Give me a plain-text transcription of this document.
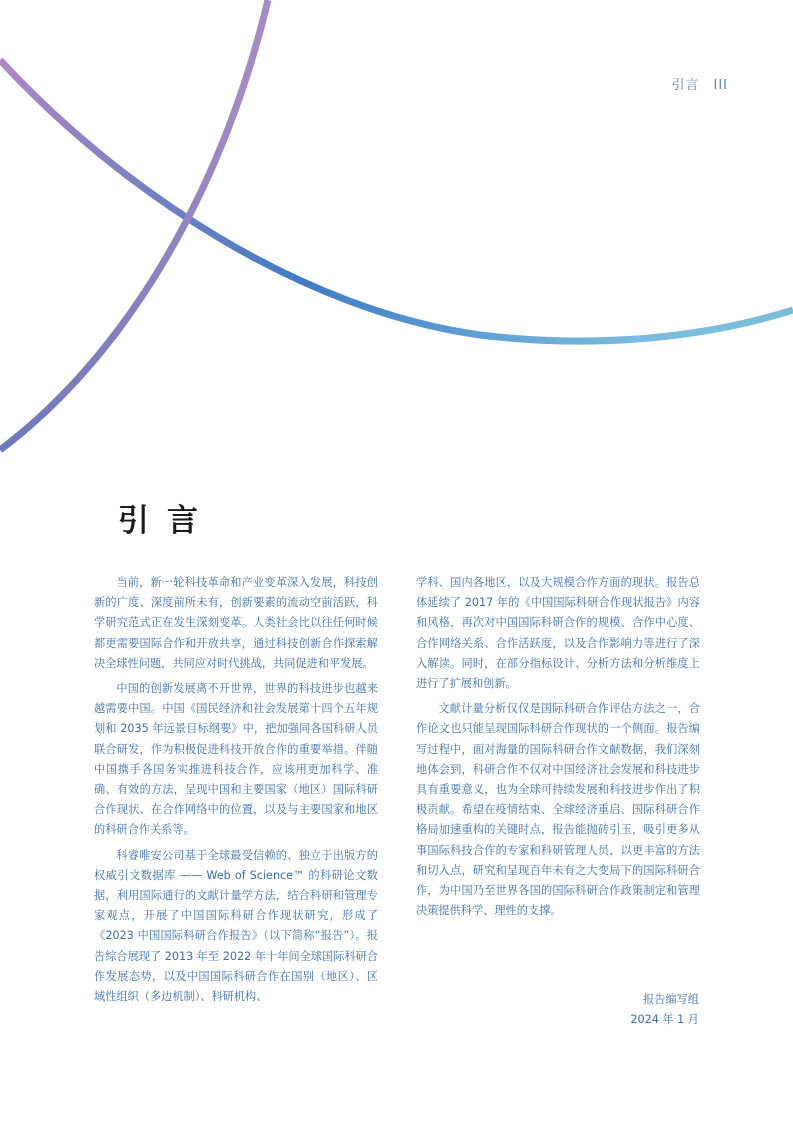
引言 III
引言

当前，新一轮科技革命和产业变革深入发展，科技创新的广度、深度前所未有，创新要素的流动空前活跃，科学研究范式正在发生深刻变革。人类社会比以往任何时候都更需要国际合作和开放共享，通过科技创新合作探索解决全球性问题，共同应对时代挑战，共同促进和平发展。

中国的创新发展离不开世界，世界的科技进步也越来越需要中国。中国《国民经济和社会发展第十四个五年规划和 2035 年远景目标纲要》中，把加强同各国科研人员联合研发，作为积极促进科技开放合作的重要举措。伴随中国携手各国务实推进科技合作，应该用更加科学、准确、有效的方法，呈现中国和主要国家（地区）国际科研合作现状、在合作网络中的位置，以及与主要国家和地区的科研合作关系等。

科睿唯安公司基于全球最受信赖的、独立于出版方的权威引文数据库 —— Web of Science™ 的科研论文数据，利用国际通行的文献计量学方法，结合科研和管理专家观点，开展了中国国际科研合作现状研究，形成了《2023 中国国际科研合作报告》（以下简称“报告”）。报告综合展现了 2013 年至 2022 年十年间全球国际科研合作发展态势，以及中国国际科研合作在国别（地区）、区域性组织（多边机制）、科研机构、

学科、国内各地区，以及大规模合作方面的现状。报告总体延续了 2017 年的《中国国际科研合作现状报告》内容和风格，再次对中国国际科研合作的规模、合作中心度、合作网络关系、合作活跃度，以及合作影响力等进行了深入解读。同时，在部分指标设计、分析方法和分析维度上进行了扩展和创新。

文献计量分析仅仅是国际科研合作评估方法之一，合作论文也只能呈现国际科研合作现状的一个侧面。报告编写过程中，面对海量的国际科研合作文献数据，我们深刻地体会到，科研合作不仅对中国经济社会发展和科技进步具有重要意义，也为全球可持续发展和科技进步作出了积极贡献。希望在疫情结束、全球经济重启、国际科研合作格局加速重构的关键时点，报告能抛砖引玉，吸引更多从事国际科技合作的专家和科研管理人员，以更丰富的方法和切入点，研究和呈现百年未有之大变局下的国际科研合作，为中国乃至世界各国的国际科研合作政策制定和管理决策提供科学、理性的支撑。

报告编写组
2024 年 1 月
